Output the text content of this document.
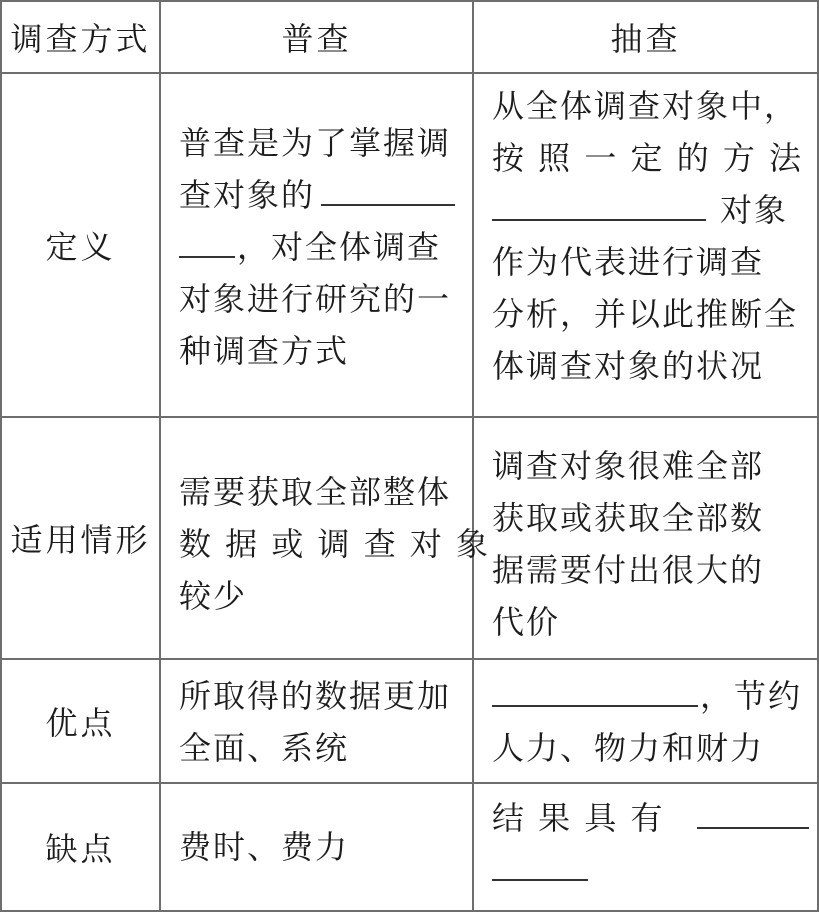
调查方式	普查	抽查
定义
普查是为了掌握调
查对象的
，对全体调查
对象进行研究的一
种调查方式
从全体调查对象中，
按 照 一 定 的 方 法
对象
作为代表进行调查
分析，并以此推断全
体调查对象的状况
适用情形
需要获取全部整体
数 据 或 调 查 对 象
较少
调查对象很难全部
获取或获取全部数
据需要付出很大的
代价
优点
所取得的数据更加
全面、系统
，节约
人力、物力和财力
缺点 费时、费力
结 果 具 有
